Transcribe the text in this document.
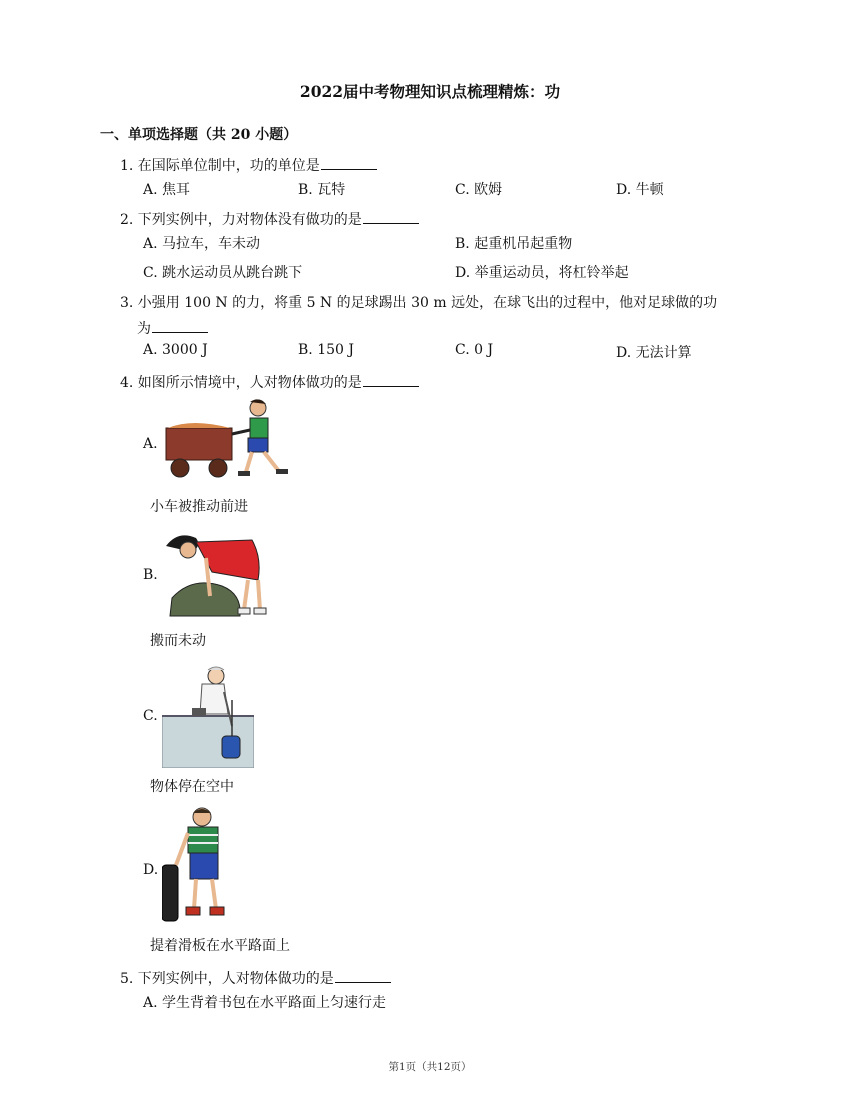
2022届中考物理知识点梳理精炼：功
一、单项选择题（共 20 小题）
1. 在国际单位制中，功的单位是
A. 焦耳	B. 瓦特	C. 欧姆	D. 牛顿
2. 下列实例中，力对物体没有做功的是
A. 马拉车，车未动	B. 起重机吊起重物
C. 跳水运动员从跳台跳下	D. 举重运动员，将杠铃举起
3. 小强用 100 N 的力，将重 5 N 的足球踢出 30 m 远处，在球飞出的过程中，他对足球做的功
为
A. 3000 J	B. 150 J	C. 0 J	D. 无法计算
4. 如图所示情境中，人对物体做功的是
A.
小车被推动前进
B.
搬而未动
C.
物体停在空中
D.
提着滑板在水平路面上
5. 下列实例中，人对物体做功的是
A. 学生背着书包在水平路面上匀速行走
第1页（共12页）
